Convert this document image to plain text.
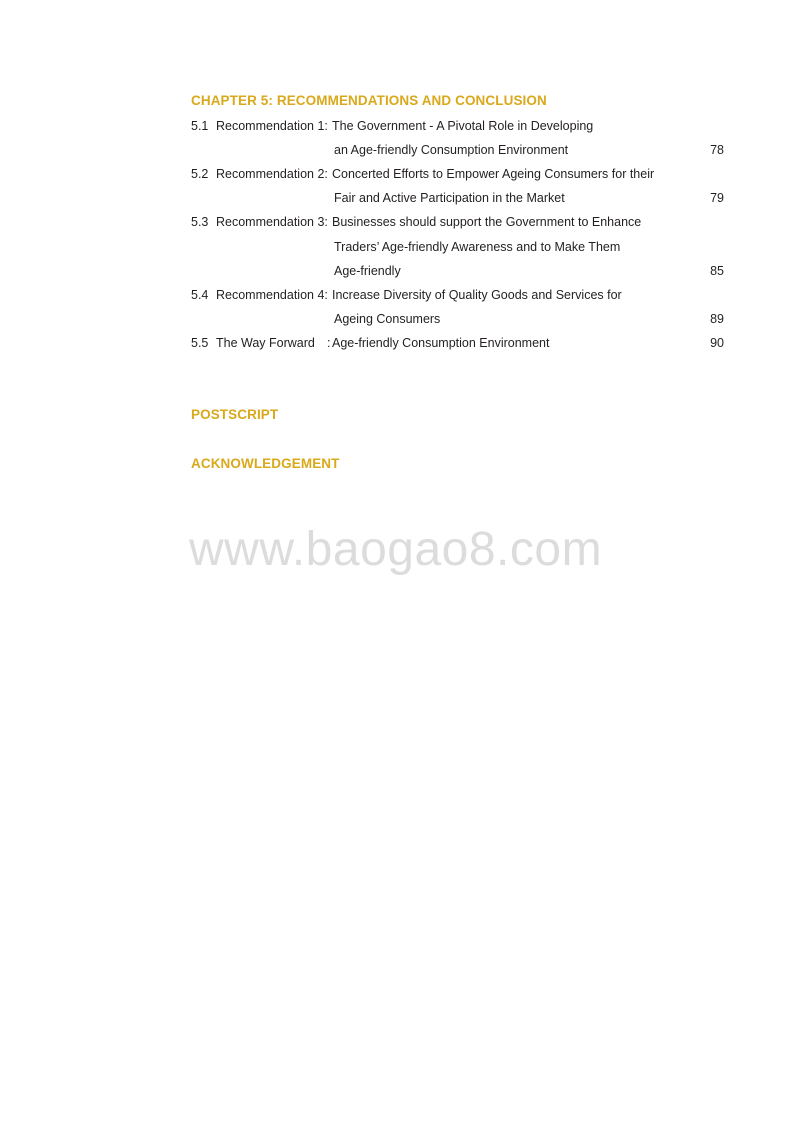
CHAPTER 5: RECOMMENDATIONS AND CONCLUSION
5.1 Recommendation 1: The Government - A Pivotal Role in Developing
an Age-friendly Consumption Environment	78
5.2 Recommendation 2: Concerted Efforts to Empower Ageing Consumers for their
Fair and Active Participation in the Market	79
5.3 Recommendation 3: Businesses should support the Government to Enhance
Traders’ Age-friendly Awareness and to Make Them
Age-friendly	85
5.4 Recommendation 4: Increase Diversity of Quality Goods and Services for
Ageing Consumers	89
5.5 The Way Forward : Age-friendly Consumption Environment	90
POSTSCRIPT
ACKNOWLEDGEMENT
www.baogao8.com
